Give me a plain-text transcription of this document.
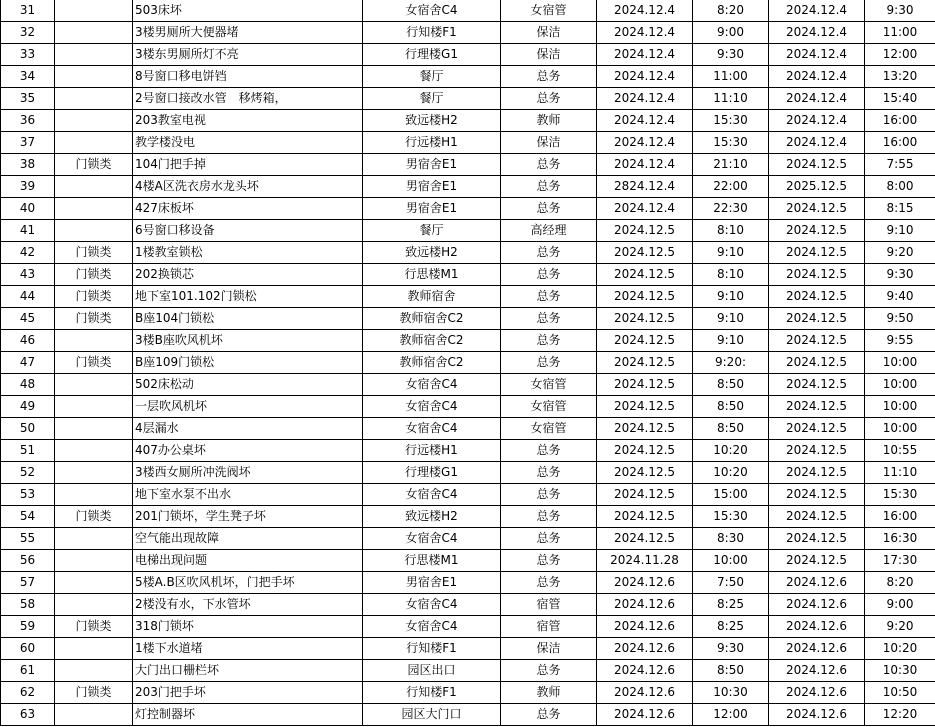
31		503床坏	女宿舍C4	女宿管	2024.12.4	8:20	2024.12.4	9:30
32		3楼男厕所大便器堵	行知楼F1	保洁	2024.12.4	9:00	2024.12.4	11:00
33		3楼东男厕所灯不亮	行理楼G1	保洁	2024.12.4	9:30	2024.12.4	12:00
34		8号窗口移电饼铛	餐厅	总务	2024.12.4	11:00	2024.12.4	13:20
35		2号窗口接改水管　移烤箱，	餐厅	总务	2024.12.4	11:10	2024.12.4	15:40
36		203教室电视	致远楼H2	教师	2024.12.4	15:30	2024.12.4	16:00
37		教学楼没电	行远楼H1	保洁	2024.12.4	15:30	2024.12.4	16:00
38	门锁类	104门把手掉	男宿舍E1	总务	2024.12.4	21:10	2024.12.5	7:55
39		4楼A区洗衣房水龙头坏	男宿舍E1	总务	2824.12.4	22:00	2025.12.5	8:00
40		427床板坏	男宿舍E1	总务	2024.12.4	22:30	2024.12.5	8:15
41		6号窗口移设备	餐厅	高经理	2024.12.5	8:10	2024.12.5	9:10
42	门锁类	1楼教室锁松	致远楼H2	总务	2024.12.5	9:10	2024.12.5	9:20
43	门锁类	202换锁芯	行思楼M1	总务	2024.12.5	8:10	2024.12.5	9:30
44	门锁类	地下室101.102门锁松	教师宿舍	总务	2024.12.5	9:10	2024.12.5	9:40
45	门锁类	B座104门锁松	教师宿舍C2	总务	2024.12.5	9:10	2024.12.5	9:50
46		3楼B座吹风机坏	教师宿舍C2	总务	2024.12.5	9:10	2024.12.5	9:55
47	门锁类	B座109门锁松	教师宿舍C2	总务	2024.12.5	9:20:	2024.12.5	10:00
48		502床松动	女宿舍C4	女宿管	2024.12.5	8:50	2024.12.5	10:00
49		一层吹风机坏	女宿舍C4	女宿管	2024.12.5	8:50	2024.12.5	10:00
50		4层漏水	女宿舍C4	女宿管	2024.12.5	8:50	2024.12.5	10:00
51		407办公桌坏	行远楼H1	总务	2024.12.5	10:20	2024.12.5	10:55
52		3楼西女厕所冲洗阀坏	行理楼G1	总务	2024.12.5	10:20	2024.12.5	11:10
53		地下室水泵不出水	女宿舍C4	总务	2024.12.5	15:00	2024.12.5	15:30
54	门锁类	201门锁坏，学生凳子坏	致远楼H2	总务	2024.12.5	15:30	2024.12.5	16:00
55		空气能出现故障	女宿舍C4	总务	2024.12.5	8:30	2024.12.5	16:30
56		电梯出现问题	行思楼M1	总务	2024.11.28	10:00	2024.12.5	17:30
57		5楼A.B区吹风机坏，门把手坏	男宿舍E1	总务	2024.12.6	7:50	2024.12.6	8:20
58		2楼没有水，下水管坏	女宿舍C4	宿管	2024.12.6	8:25	2024.12.6	9:00
59	门锁类	318门锁坏	女宿舍C4	宿管	2024.12.6	8:25	2024.12.6	9:20
60		1楼下水道堵	行知楼F1	保洁	2024.12.6	9:30	2024.12.6	10:20
61		大门出口栅栏坏	园区出口	总务	2024.12.6	8:50	2024.12.6	10:30
62	门锁类	203门把手坏	行知楼F1	教师	2024.12.6	10:30	2024.12.6	10:50
63		灯控制器坏	园区大门口	总务	2024.12.6	12:00	2024.12.6	12:20
